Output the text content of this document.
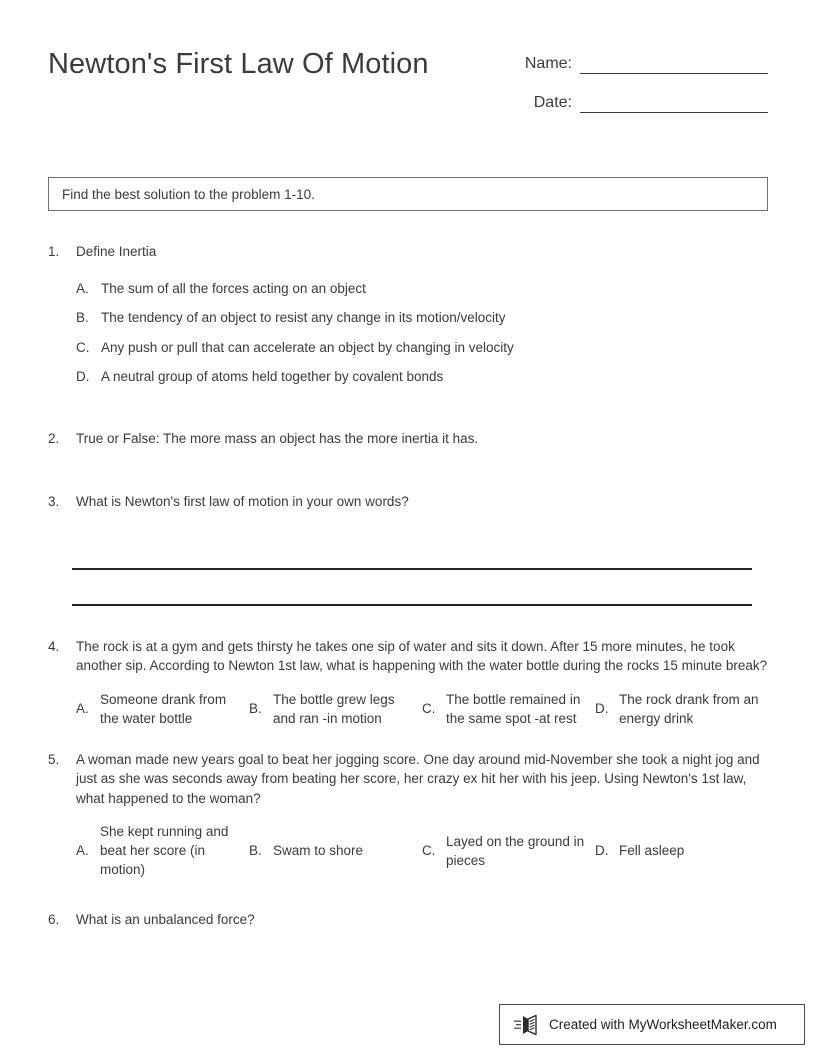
Newton's First Law Of Motion	Name:
Date:
Find the best solution to the problem 1-10.
1.	Define Inertia
A. The sum of all the forces acting on an object
B. The tendency of an object to resist any change in its motion/velocity
C. Any push or pull that can accelerate an object by changing in velocity
D. A neutral group of atoms held together by covalent bonds
2.	True or False: The more mass an object has the more inertia it has.
3.	What is Newton's first law of motion in your own words?
4.	The rock is at a gym and gets thirsty he takes one sip of water and sits it down. After 15 more minutes, he took another sip. According to Newton 1st law, what is happening with the water bottle during the rocks 15 minute break?
A.
Someone drank from the water bottle
B.
The bottle grew legs and ran -in motion
C.
The bottle remained in the same spot -at rest
D.
The rock drank from an energy drink
5.	A woman made new years goal to beat her jogging score. One day around mid-November she took a night jog and just as she was seconds away from beating her score, her crazy ex hit her with his jeep. Using Newton's 1st law, what happened to the woman?
A.
She kept running and beat her score (in motion)
B. Swam to shore	C.
Layed on the ground in pieces
D. Fell asleep
6.	What is an unbalanced force?
Created with MyWorksheetMaker.com
